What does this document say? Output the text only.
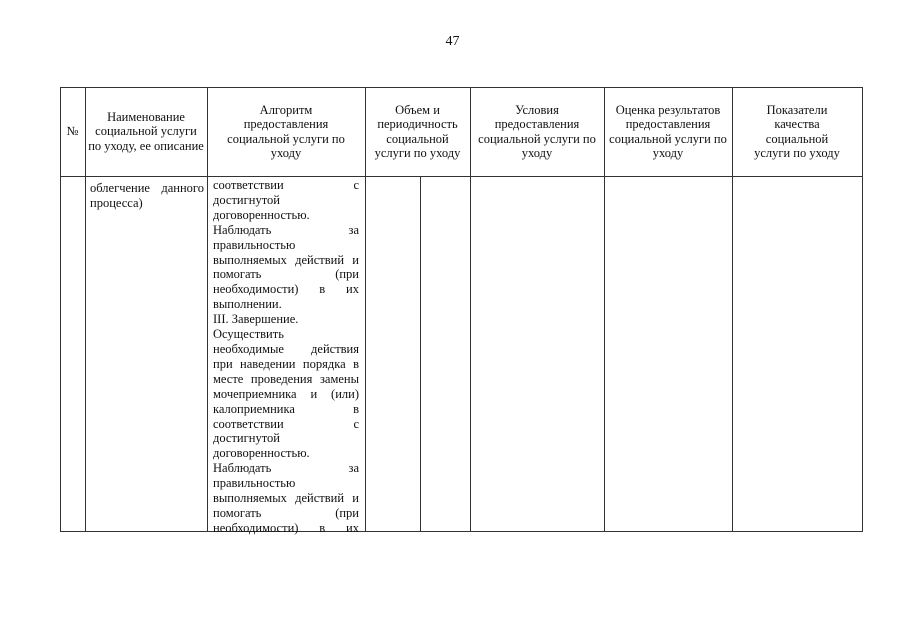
47
№
Наименование социальной услуги по уходу, ее описание
Алгоритм предоставления социальной услуги по уходу
Объем и периодичность социальной услуги по уходу
Условия предоставления социальной услуги по уходу
Оценка результатов предоставления социальной услуги по уходу
Показатели качества социальной услуги по уходу
облегчение данного
процесса)
соответствии с
достигнутой
договоренностью.
Наблюдать за
правильностью
выполняемых действий и
помогать (при
необходимости) в их
выполнении.
III. Завершение.
Осуществить
необходимые действия
при наведении порядка в
месте проведения замены
мочеприемника и (или)
калоприемника в
соответствии с
достигнутой
договоренностью.
Наблюдать за
правильностью
выполняемых действий и
помогать (при
необходимости) в их
